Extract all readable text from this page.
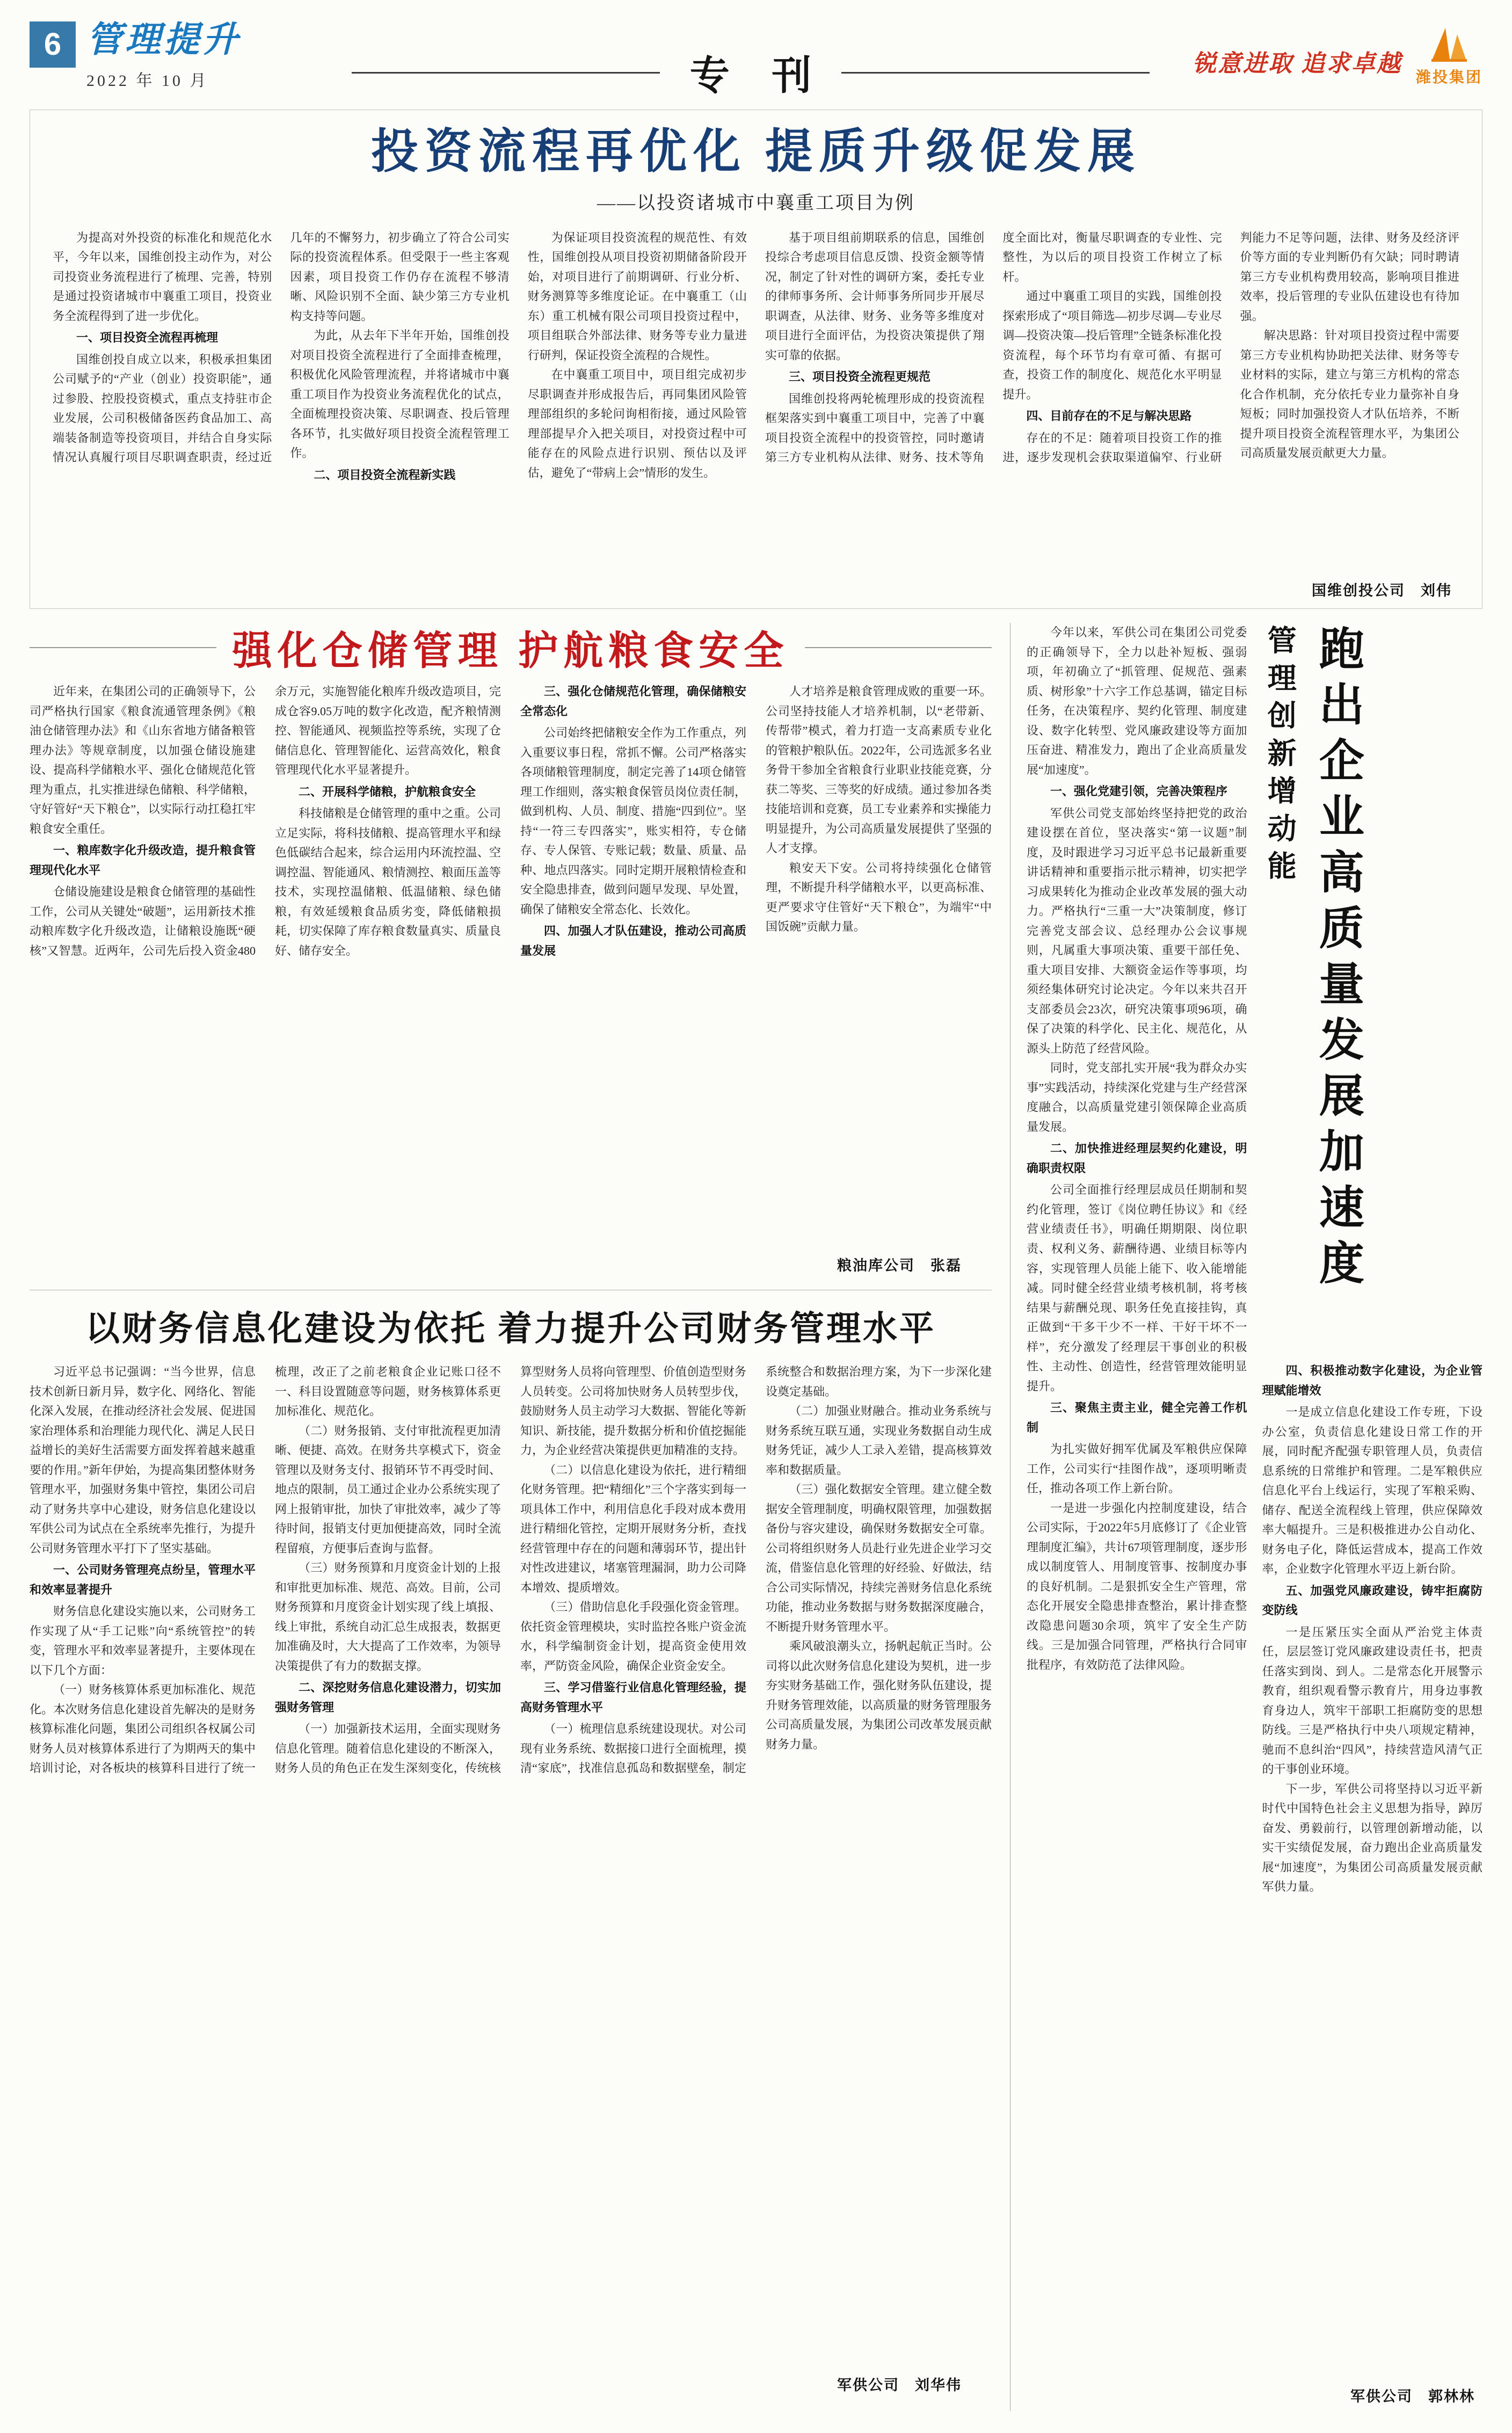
6 管理提升
2022 年 10 月	专 刊	锐意进取 追求卓越
潍投集团
投资流程再优化 提质升级促发展
——以投资诸城市中襄重工项目为例

为提高对外投资的标准化和规范化水平，今年以来，国维创投主动作为，对公司投资业务流程进行了梳理、完善，特别是通过投资诸城市中襄重工项目，投资业务全流程得到了进一步优化。

一、项目投资全流程再梳理

国维创投自成立以来，积极承担集团公司赋予的“产业（创业）投资职能”，通过参股、控股投资模式，重点支持驻市企业发展，公司积极储备医药食品加工、高端装备制造等投资项目，并结合自身实际情况认真履行项目尽职调查职责，经过近几年的不懈努力，初步确立了符合公司实际的投资流程体系。但受限于一些主客观因素，项目投资工作仍存在流程不够清晰、风险识别不全面、缺少第三方专业机构支持等问题。

为此，从去年下半年开始，国维创投对项目投资全流程进行了全面排查梳理，积极优化风险管理流程，并将诸城市中襄重工项目作为投资业务流程优化的试点，全面梳理投资决策、尽职调查、投后管理各环节，扎实做好项目投资全流程管理工作。

二、项目投资全流程新实践

为保证项目投资流程的规范性、有效性，国维创投从项目投资初期储备阶段开始，对项目进行了前期调研、行业分析、财务测算等多维度论证。在中襄重工（山东）重工机械有限公司项目投资过程中，项目组联合外部法律、财务等专业力量进行研判，保证投资全流程的合规性。

在中襄重工项目中，项目组完成初步尽职调查并形成报告后，再同集团风险管理部组织的多轮问询相衔接，通过风险管理部提早介入把关项目，对投资过程中可能存在的风险点进行识别、预估以及评估，避免了“带病上会”情形的发生。

基于项目组前期联系的信息，国维创投综合考虑项目信息反馈、投资金额等情况，制定了针对性的调研方案，委托专业的律师事务所、会计师事务所同步开展尽职调查，从法律、财务、业务等多维度对项目进行全面评估，为投资决策提供了翔实可靠的依据。

三、项目投资全流程更规范

国维创投将两轮梳理形成的投资流程框架落实到中襄重工项目中，完善了中襄项目投资全流程中的投资管控，同时邀请第三方专业机构从法律、财务、技术等角度全面比对，衡量尽职调查的专业性、完整性，为以后的项目投资工作树立了标杆。

通过中襄重工项目的实践，国维创投探索形成了“项目筛选—初步尽调—专业尽调—投资决策—投后管理”全链条标准化投资流程，每个环节均有章可循、有据可查，投资工作的制度化、规范化水平明显提升。

四、目前存在的不足与解决思路

存在的不足：随着项目投资工作的推进，逐步发现机会获取渠道偏窄、行业研判能力不足等问题，法律、财务及经济评价等方面的专业判断仍有欠缺；同时聘请第三方专业机构费用较高，影响项目推进效率，投后管理的专业队伍建设也有待加强。

解决思路：针对项目投资过程中需要第三方专业机构协助把关法律、财务等专业材料的实际，建立与第三方机构的常态化合作机制，充分依托专业力量弥补自身短板；同时加强投资人才队伍培养，不断提升项目投资全流程管理水平，为集团公司高质量发展贡献更大力量。

国维创投公司　刘伟
强化仓储管理 护航粮食安全

近年来，在集团公司的正确领导下，公司严格执行国家《粮食流通管理条例》《粮油仓储管理办法》和《山东省地方储备粮管理办法》等规章制度，以加强仓储设施建设、提高科学储粮水平、强化仓储规范化管理为重点，扎实推进绿色储粮、科学储粮，守好管好“天下粮仓”，以实际行动扛稳扛牢粮食安全重任。

一、粮库数字化升级改造，提升粮食管理现代化水平

仓储设施建设是粮食仓储管理的基础性工作，公司从关键处“破题”，运用新技术推动粮库数字化升级改造，让储粮设施既“硬核”又智慧。近两年，公司先后投入资金480余万元，实施智能化粮库升级改造项目，完成仓容9.05万吨的数字化改造，配齐粮情测控、智能通风、视频监控等系统，实现了仓储信息化、管理智能化、运营高效化，粮食管理现代化水平显著提升。

二、开展科学储粮，护航粮食安全

科技储粮是仓储管理的重中之重。公司立足实际，将科技储粮、提高管理水平和绿色低碳结合起来，综合运用内环流控温、空调控温、智能通风、粮情测控、粮面压盖等技术，实现控温储粮、低温储粮、绿色储粮，有效延缓粮食品质劣变，降低储粮损耗，切实保障了库存粮食数量真实、质量良好、储存安全。

三、强化仓储规范化管理，确保储粮安全常态化

公司始终把储粮安全作为工作重点，列入重要议事日程，常抓不懈。公司严格落实各项储粮管理制度，制定完善了14项仓储管理工作细则，落实粮食保管员岗位责任制，做到机构、人员、制度、措施“四到位”。坚持“一符三专四落实”，账实相符，专仓储存、专人保管、专账记载；数量、质量、品种、地点四落实。同时定期开展粮情检查和安全隐患排查，做到问题早发现、早处置，确保了储粮安全常态化、长效化。

四、加强人才队伍建设，推动公司高质量发展

人才培养是粮食管理成败的重要一环。公司坚持技能人才培养机制，以“老带新、传帮带”模式，着力打造一支高素质专业化的管粮护粮队伍。2022年，公司选派多名业务骨干参加全省粮食行业职业技能竞赛，分获二等奖、三等奖的好成绩。通过参加各类技能培训和竞赛，员工专业素养和实操能力明显提升，为公司高质量发展提供了坚强的人才支撑。

粮安天下安。公司将持续强化仓储管理，不断提升科学储粮水平，以更高标准、更严要求守住管好“天下粮仓”，为端牢“中国饭碗”贡献力量。

粮油库公司　张磊
以财务信息化建设为依托 着力提升公司财务管理水平

习近平总书记强调：“当今世界，信息技术创新日新月异，数字化、网络化、智能化深入发展，在推动经济社会发展、促进国家治理体系和治理能力现代化、满足人民日益增长的美好生活需要方面发挥着越来越重要的作用。”新年伊始，为提高集团整体财务管理水平，加强财务集中管控，集团公司启动了财务共享中心建设，财务信息化建设以军供公司为试点在全系统率先推行，为提升公司财务管理水平打下了坚实基础。

一、公司财务管理亮点纷呈，管理水平和效率显著提升

财务信息化建设实施以来，公司财务工作实现了从“手工记账”向“系统管控”的转变，管理水平和效率显著提升，主要体现在以下几个方面：

（一）财务核算体系更加标准化、规范化。本次财务信息化建设首先解决的是财务核算标准化问题，集团公司组织各权属公司财务人员对核算体系进行了为期两天的集中培训讨论，对各板块的核算科目进行了统一梳理，改正了之前老粮食企业记账口径不一、科目设置随意等问题，财务核算体系更加标准化、规范化。

（二）财务报销、支付审批流程更加清晰、便捷、高效。在财务共享模式下，资金管理以及财务支付、报销环节不再受时间、地点的限制，员工通过企业办公系统实现了网上报销审批，加快了审批效率，减少了等待时间，报销支付更加便捷高效，同时全流程留痕，方便事后查询与监督。

（三）财务预算和月度资金计划的上报和审批更加标准、规范、高效。目前，公司财务预算和月度资金计划实现了线上填报、线上审批，系统自动汇总生成报表，数据更加准确及时，大大提高了工作效率，为领导决策提供了有力的数据支撑。

二、深挖财务信息化建设潜力，切实加强财务管理

（一）加强新技术运用，全面实现财务信息化管理。随着信息化建设的不断深入，财务人员的角色正在发生深刻变化，传统核算型财务人员将向管理型、价值创造型财务人员转变。公司将加快财务人员转型步伐，鼓励财务人员主动学习大数据、智能化等新知识、新技能，提升数据分析和价值挖掘能力，为企业经营决策提供更加精准的支持。

（二）以信息化建设为依托，进行精细化财务管理。把“精细化”三个字落实到每一项具体工作中，利用信息化手段对成本费用进行精细化管控，定期开展财务分析，查找经营管理中存在的问题和薄弱环节，提出针对性改进建议，堵塞管理漏洞，助力公司降本增效、提质增效。

（三）借助信息化手段强化资金管理。依托资金管理模块，实时监控各账户资金流水，科学编制资金计划，提高资金使用效率，严防资金风险，确保企业资金安全。

三、学习借鉴行业信息化管理经验，提高财务管理水平

（一）梳理信息系统建设现状。对公司现有业务系统、数据接口进行全面梳理，摸清“家底”，找准信息孤岛和数据壁垒，制定系统整合和数据治理方案，为下一步深化建设奠定基础。

（二）加强业财融合。推动业务系统与财务系统互联互通，实现业务数据自动生成财务凭证，减少人工录入差错，提高核算效率和数据质量。

（三）强化数据安全管理。建立健全数据安全管理制度，明确权限管理，加强数据备份与容灾建设，确保财务数据安全可靠。公司将组织财务人员赴行业先进企业学习交流，借鉴信息化管理的好经验、好做法，结合公司实际情况，持续完善财务信息化系统功能，推动业务数据与财务数据深度融合，不断提升财务管理水平。

乘风破浪潮头立，扬帆起航正当时。公司将以此次财务信息化建设为契机，进一步夯实财务基础工作，强化财务队伍建设，提升财务管理效能，以高质量的财务管理服务公司高质量发展，为集团公司改革发展贡献财务力量。

军供公司　刘华伟

今年以来，军供公司在集团公司党委的正确领导下，全力以赴补短板、强弱项，年初确立了“抓管理、促规范、强素质、树形象”十六字工作总基调，锚定目标任务，在决策程序、契约化管理、制度建设、数字化转型、党风廉政建设等方面加压奋进、精准发力，跑出了企业高质量发展“加速度”。

一、强化党建引领，完善决策程序

军供公司党支部始终坚持把党的政治建设摆在首位，坚决落实“第一议题”制度，及时跟进学习习近平总书记最新重要讲话精神和重要指示批示精神，切实把学习成果转化为推动企业改革发展的强大动力。严格执行“三重一大”决策制度，修订完善党支部会议、总经理办公会议事规则，凡属重大事项决策、重要干部任免、重大项目安排、大额资金运作等事项，均须经集体研究讨论决定。今年以来共召开支部委员会23次，研究决策事项96项，确保了决策的科学化、民主化、规范化，从源头上防范了经营风险。

同时，党支部扎实开展“我为群众办实事”实践活动，持续深化党建与生产经营深度融合，以高质量党建引领保障企业高质量发展。

二、加快推进经理层契约化建设，明确职责权限

公司全面推行经理层成员任期制和契约化管理，签订《岗位聘任协议》和《经营业绩责任书》，明确任期期限、岗位职责、权利义务、薪酬待遇、业绩目标等内容，实现管理人员能上能下、收入能增能减。同时健全经营业绩考核机制，将考核结果与薪酬兑现、职务任免直接挂钩，真正做到“干多干少不一样、干好干坏不一样”，充分激发了经理层干事创业的积极性、主动性、创造性，经营管理效能明显提升。

三、聚焦主责主业，健全完善工作机制

为扎实做好拥军优属及军粮供应保障工作，公司实行“挂图作战”，逐项明晰责任，推动各项工作上新台阶。

一是进一步强化内控制度建设，结合公司实际，于2022年5月底修订了《企业管理制度汇编》，共计67项管理制度，逐步形成以制度管人、用制度管事、按制度办事的良好机制。二是狠抓安全生产管理，常态化开展安全隐患排查整治，累计排查整改隐患问题30余项，筑牢了安全生产防线。三是加强合同管理，严格执行合同审批程序，有效防范了法律风险。

跑出企业高质量发展加速度
管理创新增动能

四、积极推动数字化建设，为企业管理赋能增效

一是成立信息化建设工作专班，下设办公室，负责信息化建设日常工作的开展，同时配齐配强专职管理人员，负责信息系统的日常维护和管理。二是军粮供应信息化平台上线运行，实现了军粮采购、储存、配送全流程线上管理，供应保障效率大幅提升。三是积极推进办公自动化、财务电子化，降低运营成本，提高工作效率，企业数字化管理水平迈上新台阶。

五、加强党风廉政建设，铸牢拒腐防变防线

一是压紧压实全面从严治党主体责任，层层签订党风廉政建设责任书，把责任落实到岗、到人。二是常态化开展警示教育，组织观看警示教育片，用身边事教育身边人，筑牢干部职工拒腐防变的思想防线。三是严格执行中央八项规定精神，驰而不息纠治“四风”，持续营造风清气正的干事创业环境。

下一步，军供公司将坚持以习近平新时代中国特色社会主义思想为指导，踔厉奋发、勇毅前行，以管理创新增动能，以实干实绩促发展，奋力跑出企业高质量发展“加速度”，为集团公司高质量发展贡献军供力量。

军供公司　郭林林
